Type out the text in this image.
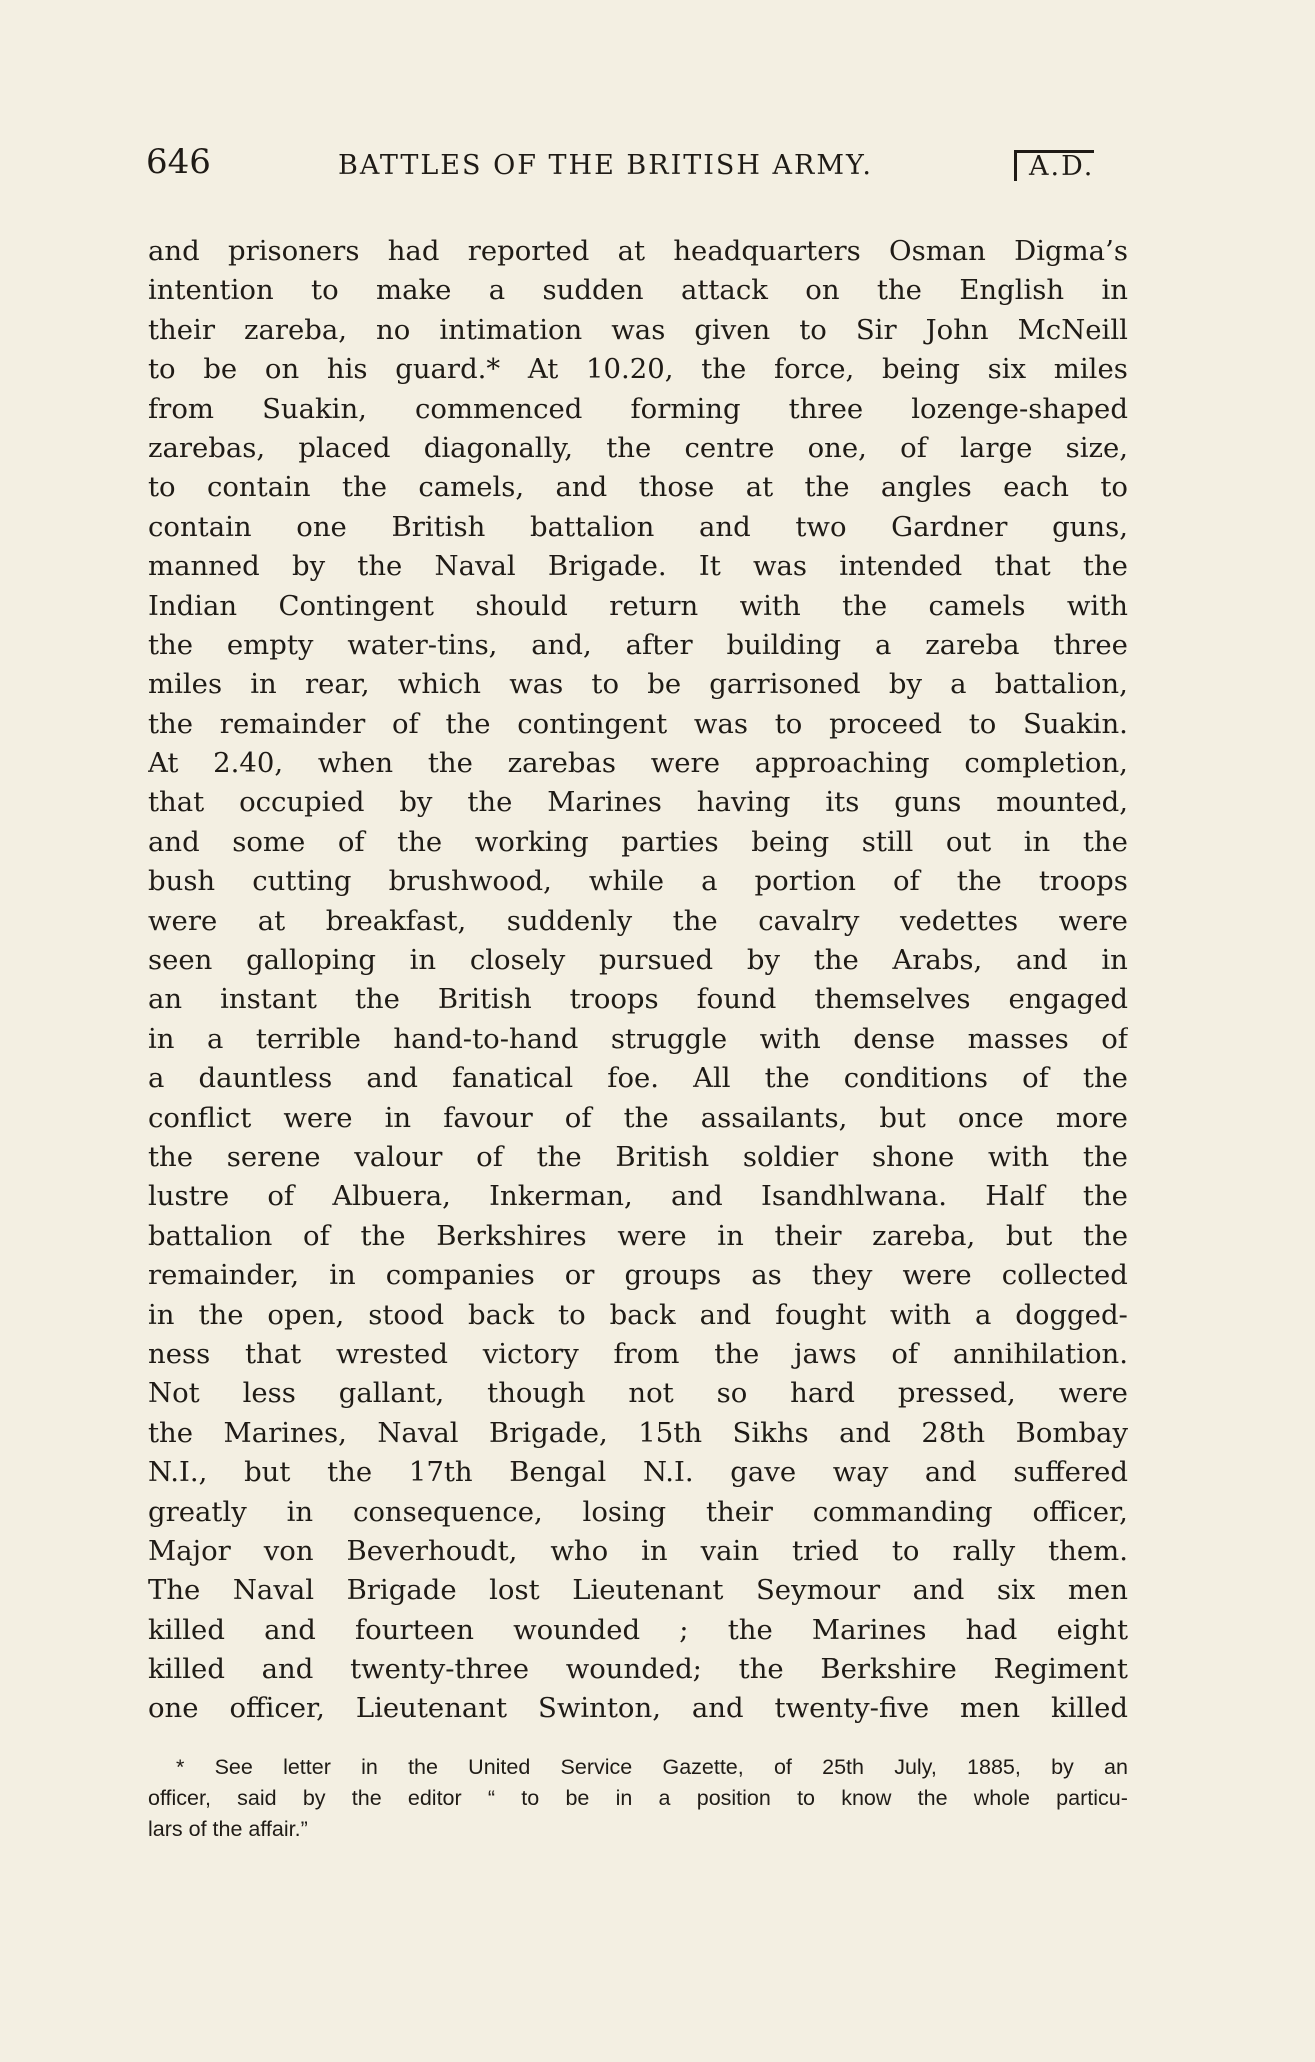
646	BATTLES OF THE BRITISH ARMY.	A.D.
and prisoners had reported at headquarters Osman Digma’s
intention to make a sudden attack on the English in
their zareba, no intimation was given to Sir John McNeill
to be on his guard.* At 10.20, the force, being six miles
from Suakin, commenced forming three lozenge-shaped
zarebas, placed diagonally, the centre one, of large size,
to contain the camels, and those at the angles each to
contain one British battalion and two Gardner guns,
manned by the Naval Brigade. It was intended that the
Indian Contingent should return with the camels with
the empty water-tins, and, after building a zareba three
miles in rear, which was to be garrisoned by a battalion,
the remainder of the contingent was to proceed to Suakin.
At 2.40, when the zarebas were approaching completion,
that occupied by the Marines having its guns mounted,
and some of the working parties being still out in the
bush cutting brushwood, while a portion of the troops
were at breakfast, suddenly the cavalry vedettes were
seen galloping in closely pursued by the Arabs, and in
an instant the British troops found themselves engaged
in a terrible hand-to-hand struggle with dense masses of
a dauntless and fanatical foe. All the conditions of the
conflict were in favour of the assailants, but once more
the serene valour of the British soldier shone with the
lustre of Albuera, Inkerman, and Isandhlwana. Half the
battalion of the Berkshires were in their zareba, but the
remainder, in companies or groups as they were collected
in the open, stood back to back and fought with a dogged-
ness that wrested victory from the jaws of annihilation.
Not less gallant, though not so hard pressed, were
the Marines, Naval Brigade, 15th Sikhs and 28th Bombay
N.I., but the 17th Bengal N.I. gave way and suffered
greatly in consequence, losing their commanding officer,
Major von Beverhoudt, who in vain tried to rally them.
The Naval Brigade lost Lieutenant Seymour and six men
killed and fourteen wounded ; the Marines had eight
killed and twenty-three wounded; the Berkshire Regiment
one officer, Lieutenant Swinton, and twenty-five men killed
* See letter in the United Service Gazette, of 25th July, 1885, by an
officer, said by the editor “ to be in a position to know the whole particu-
lars of the affair.”
